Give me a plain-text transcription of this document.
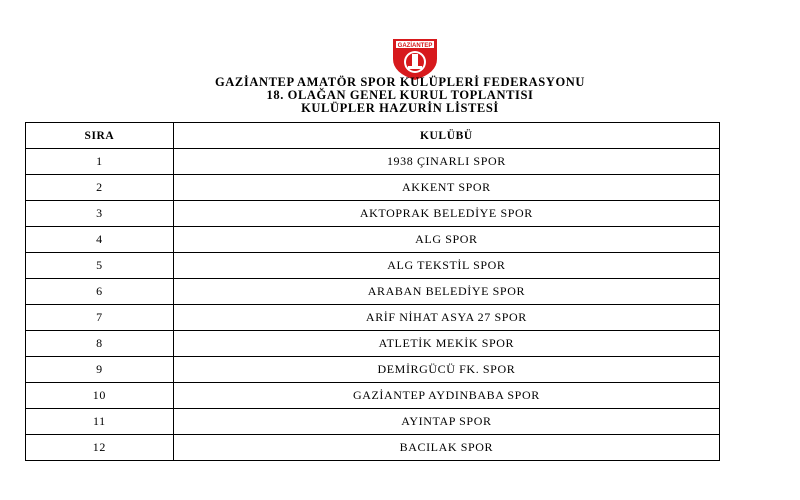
GAZİANTEP
GAZİANTEP AMATÖR SPOR KULÜPLERİ FEDERASYONU
18. OLAĞAN GENEL KURUL TOPLANTISI
KULÜPLER HAZURİN LİSTESİ
SIRA	KULÜBÜ
1	1938 ÇINARLI SPOR
2	AKKENT SPOR
3	AKTOPRAK BELEDİYE SPOR
4	ALG SPOR
5	ALG TEKSTİL SPOR
6	ARABAN BELEDİYE SPOR
7	ARİF NİHAT ASYA 27 SPOR
8	ATLETİK MEKİK SPOR
9	DEMİRGÜCÜ FK. SPOR
10	GAZİANTEP AYDINBABA SPOR
11	AYINTAP SPOR
12	BACILAK SPOR
